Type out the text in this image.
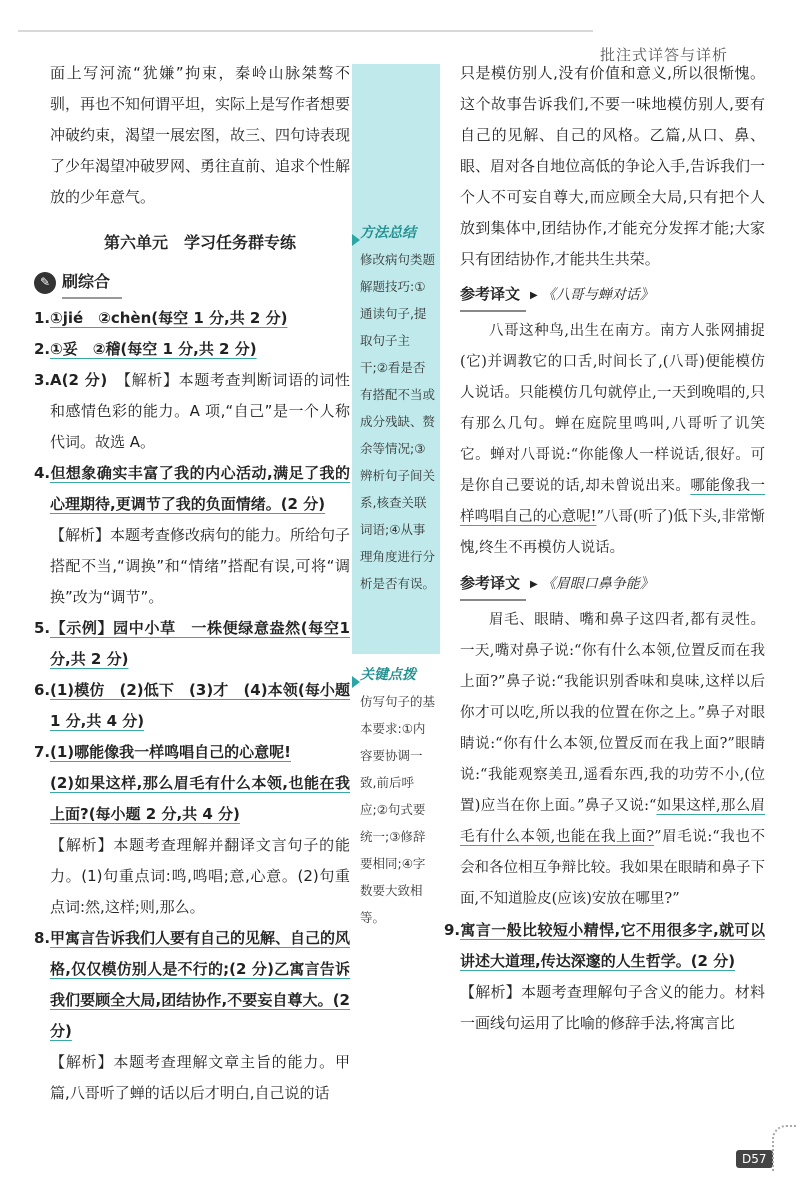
批注式详答与详析

面上写河流“犹嫌”拘束，秦岭山脉桀骜不驯，再也不知何谓平坦，实际上是写作者想要冲破约束，渴望一展宏图，故三、四句诗表现了少年渴望冲破罗网、勇往直前、追求个性解放的少年意气。

第六单元　学习任务群专练
✎ 刷综合

1.①jié　②chèn(每空 1 分,共 2 分)

2.①妥　②稽(每空 1 分,共 2 分)

3.A(2 分)　 【解析】本题考查判断词语的词性和感情色彩的能力。A 项,“自己”是一个人称代词。故选 A。

4.但想象确实丰富了我的内心活动,满足了我的心理期待,更调节了我的负面情绪。(2 分)

【解析】本题考查修改病句的能力。所给句子搭配不当,“调换”和“情绪”搭配有误,可将“调换”改为“调节”。

5.【示例】园中小草　一株便绿意盎然(每空1 分,共 2 分)

6.(1)模仿　(2)低下　(3)才　(4)本领(每小题 1 分,共 4 分)

7.(1)哪能像我一样鸣唱自己的心意呢!

(2)如果这样,那么眉毛有什么本领,也能在我上面?(每小题 2 分,共 4 分)

【解析】本题考查理解并翻译文言句子的能力。(1)句重点词:鸣,鸣唱;意,心意。(2)句重点词:然,这样;则,那么。

8.甲寓言告诉我们人要有自己的见解、自己的风格,仅仅模仿别人是不行的;(2 分)乙寓言告诉我们要顾全大局,团结协作,不要妄自尊大。(2 分)

【解析】本题考查理解文章主旨的能力。甲篇,八哥听了蝉的话以后才明白,自己说的话

方法总结

修改病句类题解题技巧:①通读句子,提取句子主干;②看是否有搭配不当或成分残缺、赘余等情况;③辨析句子间关系,核查关联词语;④从事理角度进行分析是否有误。

关键点拨

仿写句子的基本要求:①内容要协调一致,前后呼应;②句式要统一;③修辞要相同;④字数要大致相等。

只是模仿别人,没有价值和意义,所以很惭愧。这个故事告诉我们,不要一味地模仿别人,要有自己的见解、自己的风格。乙篇,从口、鼻、眼、眉对各自地位高低的争论入手,告诉我们一个人不可妄自尊大,而应顾全大局,只有把个人放到集体中,团结协作,才能充分发挥才能;大家只有团结协作,才能共生共荣。

参考译文	▶ 《八哥与蝉对话》

八哥这种鸟,出生在南方。南方人张网捕捉(它)并调教它的口舌,时间长了,(八哥)便能模仿人说话。只能模仿几句就停止,一天到晚唱的,只有那么几句。蝉在庭院里鸣叫,八哥听了讥笑它。蝉对八哥说:“你能像人一样说话,很好。可是你自己要说的话,却未曾说出来。哪能像我一样鸣唱自己的心意呢!”八哥(听了)低下头,非常惭愧,终生不再模仿人说话。

参考译文	▶ 《眉眼口鼻争能》

眉毛、眼睛、嘴和鼻子这四者,都有灵性。一天,嘴对鼻子说:“你有什么本领,位置反而在我上面?”鼻子说:“我能识别香味和臭味,这样以后你才可以吃,所以我的位置在你之上。”鼻子对眼睛说:“你有什么本领,位置反而在我上面?”眼睛说:“我能观察美丑,遥看东西,我的功劳不小,(位置)应当在你上面。”鼻子又说:“如果这样,那么眉毛有什么本领,也能在我上面?”眉毛说:“我也不会和各位相互争辩比较。我如果在眼睛和鼻子下面,不知道脸皮(应该)安放在哪里?”

9.寓言一般比较短小精悍,它不用很多字,就可以讲述大道理,传达深邃的人生哲学。(2 分)

【解析】本题考查理解句子含义的能力。材料一画线句运用了比喻的修辞手法,将寓言比

D57
